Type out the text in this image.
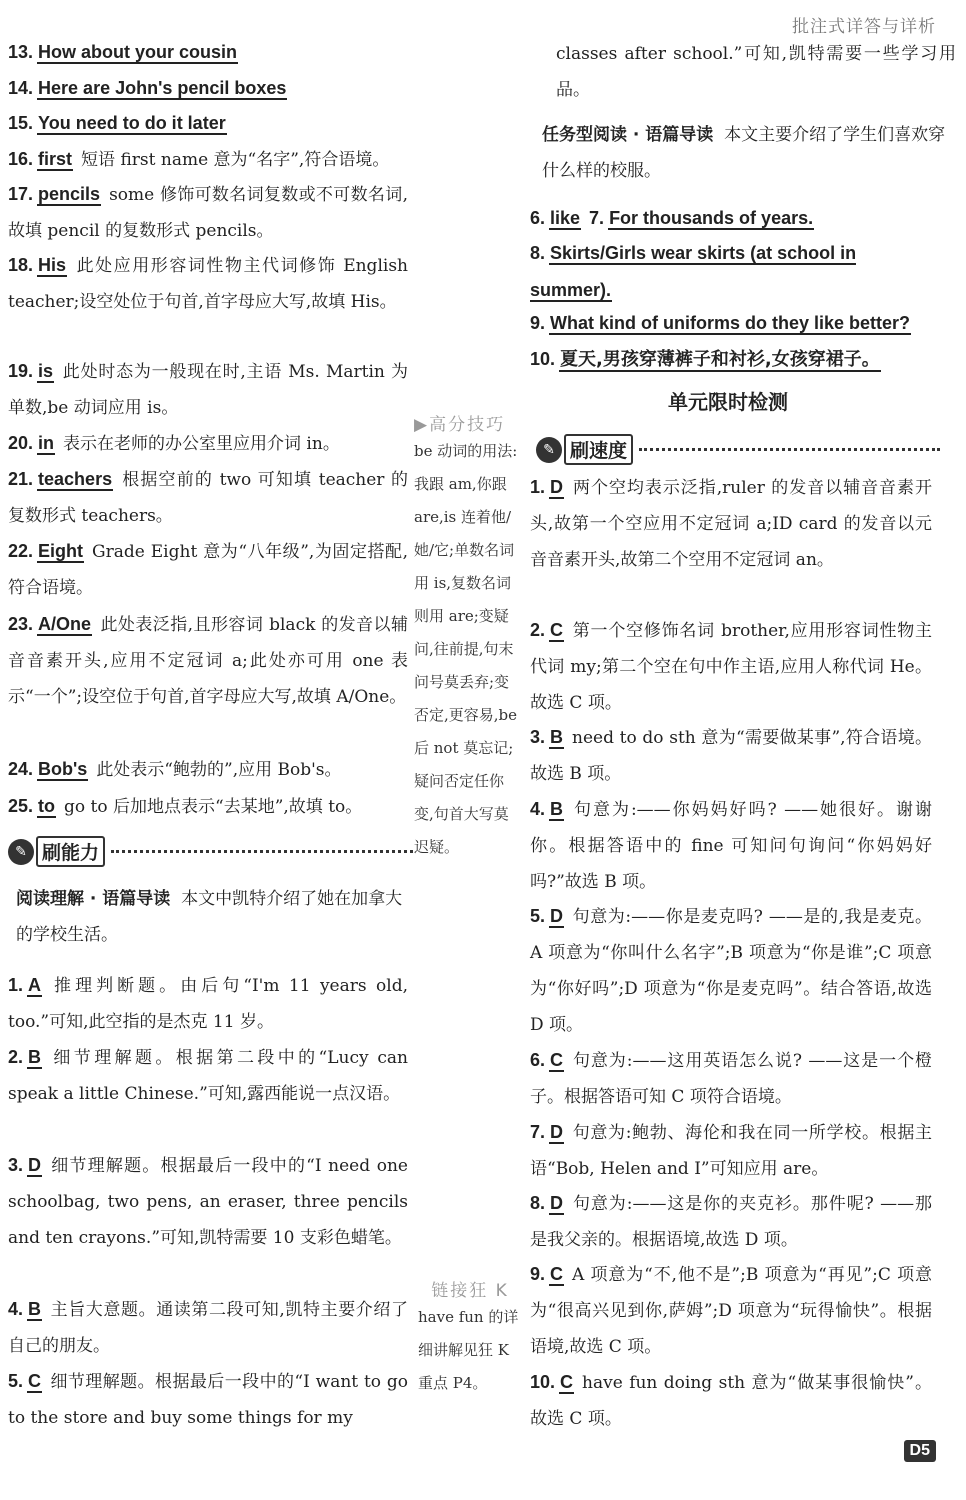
批注式详答与详析
13. How about your cousin
14. Here are John's pencil boxes
15. You need to do it later
16. first 短语 first name 意为“名字”,符合语境。
17. pencils some 修饰可数名词复数或不可数名词,故填 pencil 的复数形式 pencils。
18. His 此处应用形容词性物主代词修饰 English teacher;设空处位于句首,首字母应大写,故填 His。
19. is 此处时态为一般现在时,主语 Ms. Martin 为单数,be 动词应用 is。
20. in 表示在老师的办公室里应用介词 in。
21. teachers 根据空前的 two 可知填 teacher 的复数形式 teachers。
22. Eight Grade Eight 意为“八年级”,为固定搭配,符合语境。
23. A/One 此处表泛指,且形容词 black 的发音以辅音音素开头,应用不定冠词 a;此处亦可用 one 表示“一个”;设空位于句首,首字母应大写,故填 A/One。
24. Bob's 此处表示“鲍勃的”,应用 Bob's。
25. to go to 后加地点表示“去某地”,故填 to。
✎ 刷能力
阅读理解 · 语篇导读 本文中凯特介绍了她在加拿大的学校生活。
1. A 推理判断题。由后句“I'm 11 years old, too.”可知,此空指的是杰克 11 岁。
2. B 细节理解题。根据第二段中的“Lucy can speak a little Chinese.”可知,露西能说一点汉语。
3. D 细节理解题。根据最后一段中的“I need one schoolbag, two pens, an eraser, three pencils and ten crayons.”可知,凯特需要 10 支彩色蜡笔。
4. B 主旨大意题。通读第二段可知,凯特主要介绍了自己的朋友。
5. C 细节理解题。根据最后一段中的“I want to go to the store and buy some things for my
▶高分技巧
be 动词的用法:我跟 am,你跟 are,is 连着他/她/它;单数名词用 is,复数名词则用 are;变疑问,往前提,句末问号莫丢弃;变否定,更容易,be 后 not 莫忘记;疑问否定任你变,句首大写莫迟疑。
链接狂 K
have fun 的详细讲解见狂 K 重点 P4。
classes after school.”可知,凯特需要一些学习用品。
任务型阅读 · 语篇导读 本文主要介绍了学生们喜欢穿什么样的校服。
6. like 7. For thousands of years.
8. Skirts/Girls wear skirts (at school in summer).
9. What kind of uniforms do they like better?
10. 夏天,男孩穿薄裤子和衬衫,女孩穿裙子。
单元限时检测
✎ 刷速度
1. D 两个空均表示泛指,ruler 的发音以辅音音素开头,故第一个空应用不定冠词 a;ID card 的发音以元音音素开头,故第二个空用不定冠词 an。
2. C 第一个空修饰名词 brother,应用形容词性物主代词 my;第二个空在句中作主语,应用人称代词 He。故选 C 项。
3. B need to do sth 意为“需要做某事”,符合语境。故选 B 项。
4. B 句意为:——你妈妈好吗? ——她很好。谢谢你。根据答语中的 fine 可知问句询问“你妈妈好吗?”故选 B 项。
5. D 句意为:——你是麦克吗? ——是的,我是麦克。A 项意为“你叫什么名字”;B 项意为“你是谁”;C 项意为“你好吗”;D 项意为“你是麦克吗”。结合答语,故选 D 项。
6. C 句意为:——这用英语怎么说? ——这是一个橙子。根据答语可知 C 项符合语境。
7. D 句意为:鲍勃、海伦和我在同一所学校。根据主语“Bob, Helen and I”可知应用 are。
8. D 句意为:——这是你的夹克衫。那件呢? ——那是我父亲的。根据语境,故选 D 项。
9. C A 项意为“不,他不是”;B 项意为“再见”;C 项意为“很高兴见到你,萨姆”;D 项意为“玩得愉快”。根据语境,故选 C 项。
10. C have fun doing sth 意为“做某事很愉快”。故选 C 项。
D5
